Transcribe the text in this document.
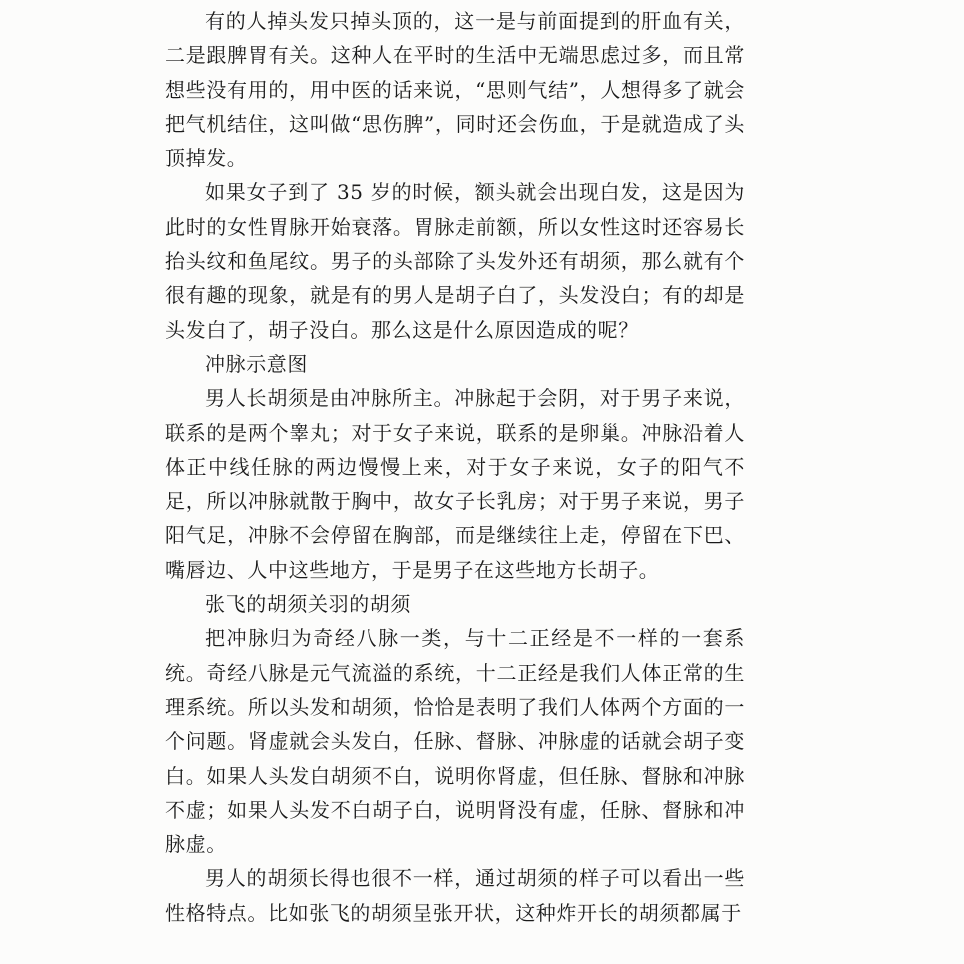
有的人掉头发只掉头顶的，这一是与前面提到的肝血有关，二是跟脾胃有关。这种人在平时的生活中无端思虑过多，而且常想些没有用的，用中医的话来说，“思则气结”，人想得多了就会把气机结住，这叫做“思伤脾”，同时还会伤血，于是就造成了头顶掉发。

如果女子到了 35 岁的时候，额头就会出现白发，这是因为此时的女性胃脉开始衰落。胃脉走前额，所以女性这时还容易长抬头纹和鱼尾纹。男子的头部除了头发外还有胡须，那么就有个很有趣的现象，就是有的男人是胡子白了，头发没白；有的却是头发白了，胡子没白。那么这是什么原因造成的呢？

冲脉示意图

男人长胡须是由冲脉所主。冲脉起于会阴，对于男子来说，联系的是两个睾丸；对于女子来说，联系的是卵巢。冲脉沿着人体正中线任脉的两边慢慢上来，对于女子来说，女子的阳气不足，所以冲脉就散于胸中，故女子长乳房；对于男子来说，男子阳气足，冲脉不会停留在胸部，而是继续往上走，停留在下巴、嘴唇边、人中这些地方，于是男子在这些地方长胡子。

张飞的胡须关羽的胡须

把冲脉归为奇经八脉一类，与十二正经是不一样的一套系统。奇经八脉是元气流溢的系统，十二正经是我们人体正常的生理系统。所以头发和胡须，恰恰是表明了我们人体两个方面的一个问题。肾虚就会头发白，任脉、督脉、冲脉虚的话就会胡子变白。如果人头发白胡须不白，说明你肾虚，但任脉、督脉和冲脉不虚；如果人头发不白胡子白，说明肾没有虚，任脉、督脉和冲脉虚。

男人的胡须长得也很不一样，通过胡须的样子可以看出一些性格特点。比如张飞的胡须呈张开状，这种炸开长的胡须都属于
